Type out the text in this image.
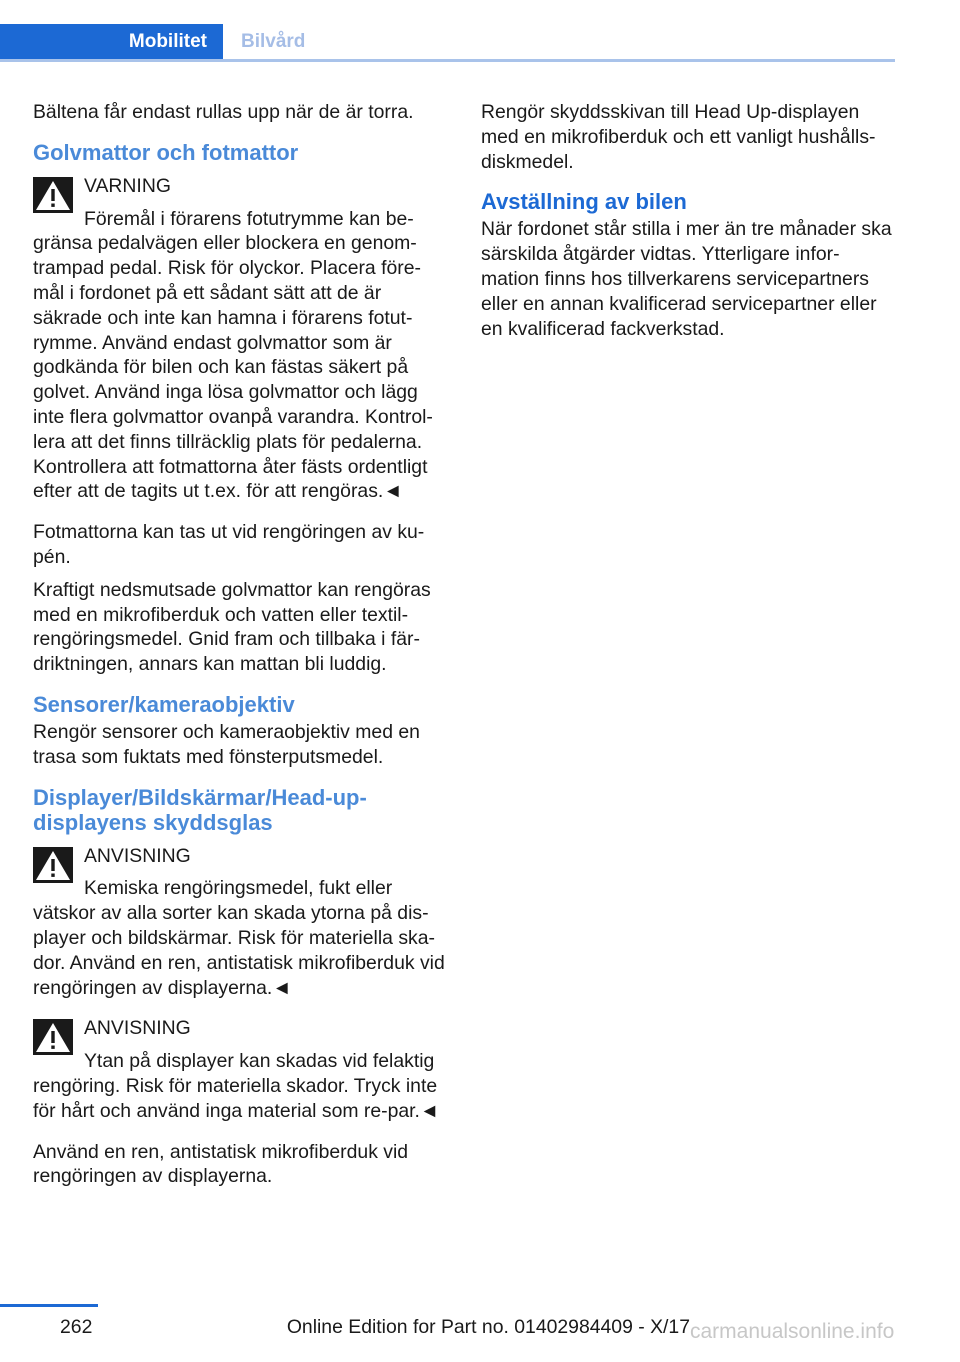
Mobilitet Bilvård

Bältena får endast rullas upp när de är torra.

Golvmattor och fotmattor

VARNING

Föremål i förarens fotutrymme kan be‐
gränsa pedalvägen eller blockera en genom‐trampad pedal. Risk för olyckor. Placera före‐mål i fordonet på ett sådant sätt att de är säkrade och inte kan hamna i förarens fotut‐rymme. Använd endast golvmattor som är godkända för bilen och kan fästas säkert på golvet. Använd inga lösa golvmattor och lägg inte flera golvmattor ovanpå varandra. Kontrol‐lera att det finns tillräcklig plats för pedalerna. Kontrollera att fotmattorna åter fästs ordentligt efter att de tagits ut t.ex. för att rengöras.◄

Fotmattorna kan tas ut vid rengöringen av ku‐pén.

Kraftigt nedsmutsade golvmattor kan rengöras med en mikrofiberduk och vatten eller textil‐rengöringsmedel. Gnid fram och tillbaka i fär‐driktningen, annars kan mattan bli luddig.

Sensorer/kameraobjektiv

Rengör sensorer och kameraobjektiv med en trasa som fuktats med fönsterputsmedel.

Displayer/Bildskärmar/Head-up-displayens skyddsglas

ANVISNING

Kemiska rengöringsmedel, fukt eller
vätskor av alla sorter kan skada ytorna på dis‐player och bildskärmar. Risk för materiella ska‐dor. Använd en ren, antistatisk mikrofiberduk vid rengöringen av displayerna.◄

ANVISNING

Ytan på displayer kan skadas vid felaktig
rengöring. Risk för materiella skador. Tryck inte för hårt och använd inga material som re‐par.◄

Använd en ren, antistatisk mikrofiberduk vid rengöringen av displayerna.

Rengör skyddsskivan till Head Up-displayen med en mikrofiberduk och ett vanligt hushålls‐diskmedel.

Avställning av bilen

När fordonet står stilla i mer än tre månader ska särskilda åtgärder vidtas. Ytterligare infor‐mation finns hos tillverkarens servicepartners eller en annan kvalificerad servicepartner eller en kvalificerad fackverkstad.

262	Online Edition for Part no. 01402984409 - X/17 carmanualsonline.info
